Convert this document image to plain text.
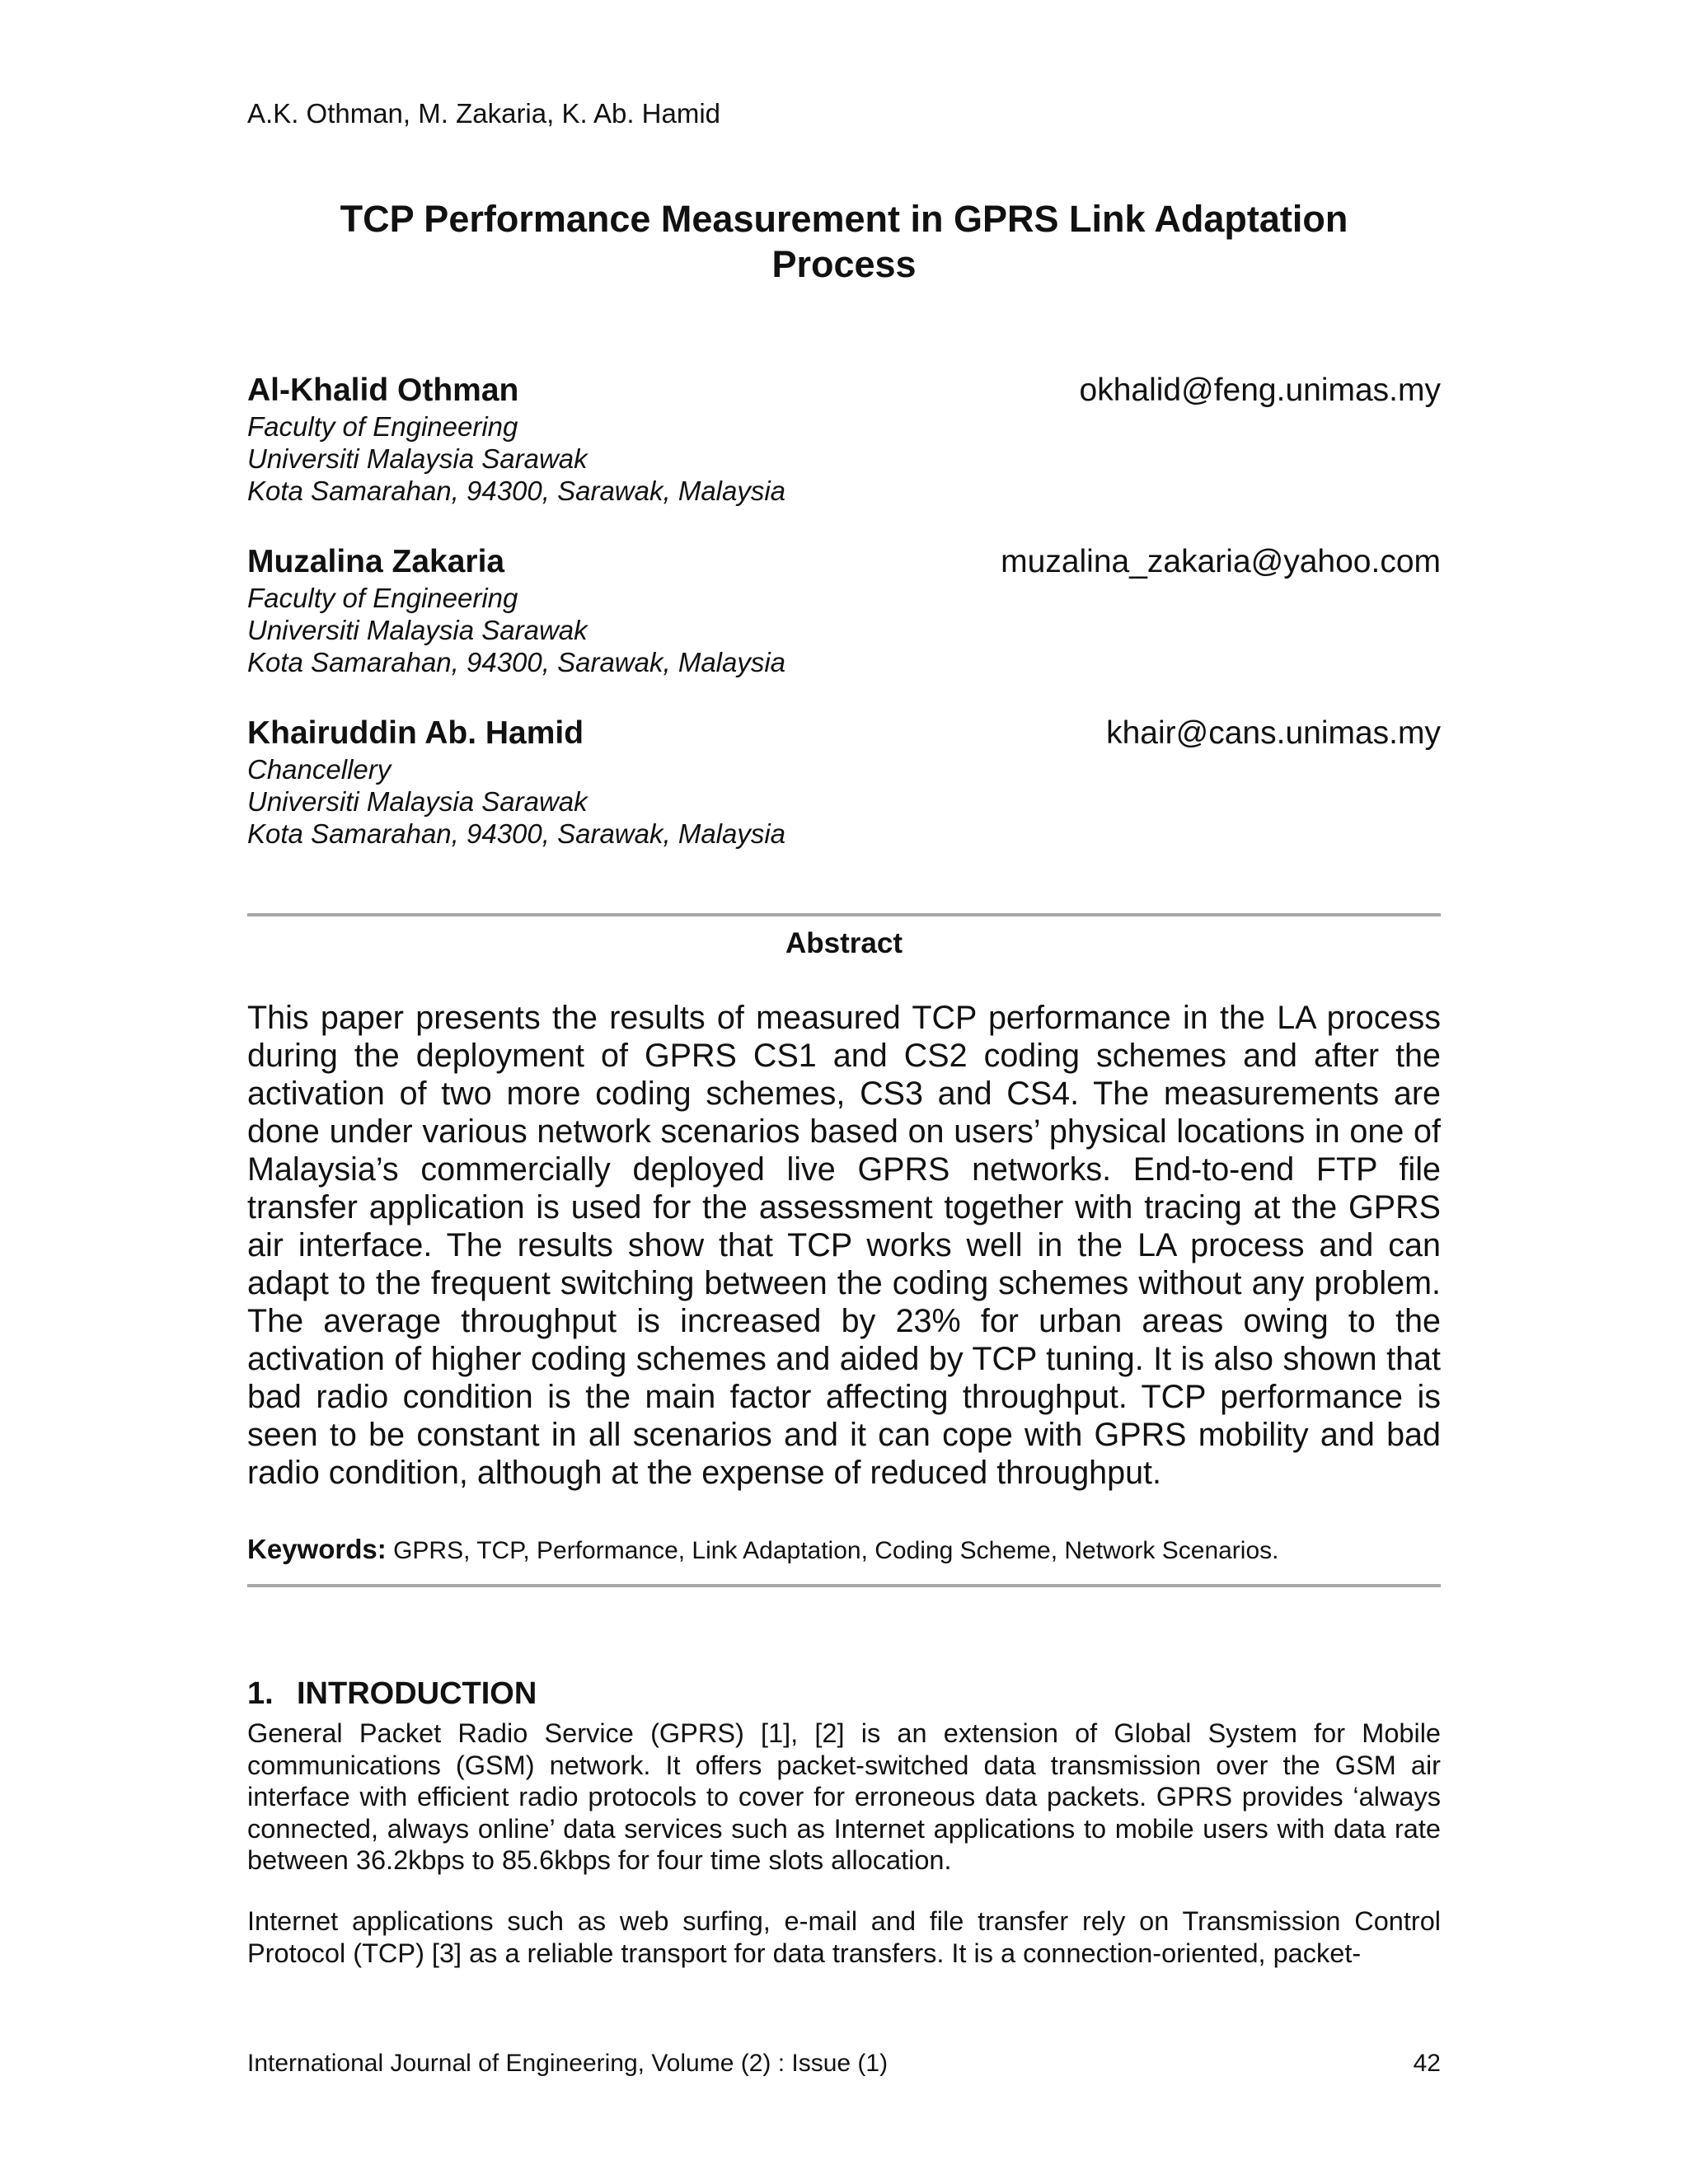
A.K. Othman, M. Zakaria, K. Ab. Hamid
TCP Performance Measurement in GPRS Link Adaptation
Process
Al-Khalid Othman	okhalid@feng.unimas.my
Faculty of Engineering
Universiti Malaysia Sarawak
Kota Samarahan, 94300, Sarawak, Malaysia
Muzalina Zakaria	muzalina_zakaria@yahoo.com
Faculty of Engineering
Universiti Malaysia Sarawak
Kota Samarahan, 94300, Sarawak, Malaysia
Khairuddin Ab. Hamid	khair@cans.unimas.my
Chancellery
Universiti Malaysia Sarawak
Kota Samarahan, 94300, Sarawak, Malaysia
Abstract
This paper presents the results of measured TCP performance in the LA process during the deployment of GPRS CS1 and CS2 coding schemes and after the activation of two more coding schemes, CS3 and CS4. The measurements are done under various network scenarios based on users’ physical locations in one of Malaysia’s commercially deployed live GPRS networks. End-to-end FTP file transfer application is used for the assessment together with tracing at the GPRS air interface. The results show that TCP works well in the LA process and can adapt to the frequent switching between the coding schemes without any problem. The average throughput is increased by 23% for urban areas owing to the activation of higher coding schemes and aided by TCP tuning. It is also shown that bad radio condition is the main factor affecting throughput. TCP performance is seen to be constant in all scenarios and it can cope with GPRS mobility and bad radio condition, although at the expense of reduced throughput.
Keywords: GPRS, TCP, Performance, Link Adaptation, Coding Scheme, Network Scenarios.
1. INTRODUCTION
General Packet Radio Service (GPRS) [1], [2] is an extension of Global System for Mobile communications (GSM) network. It offers packet-switched data transmission over the GSM air interface with efficient radio protocols to cover for erroneous data packets. GPRS provides ‘always connected, always online’ data services such as Internet applications to mobile users with data rate between 36.2kbps to 85.6kbps for four time slots allocation.
Internet applications such as web surfing, e-mail and file transfer rely on Transmission Control Protocol (TCP) [3] as a reliable transport for data transfers. It is a connection-oriented, packet-
International Journal of Engineering, Volume (2) : Issue (1)	42
